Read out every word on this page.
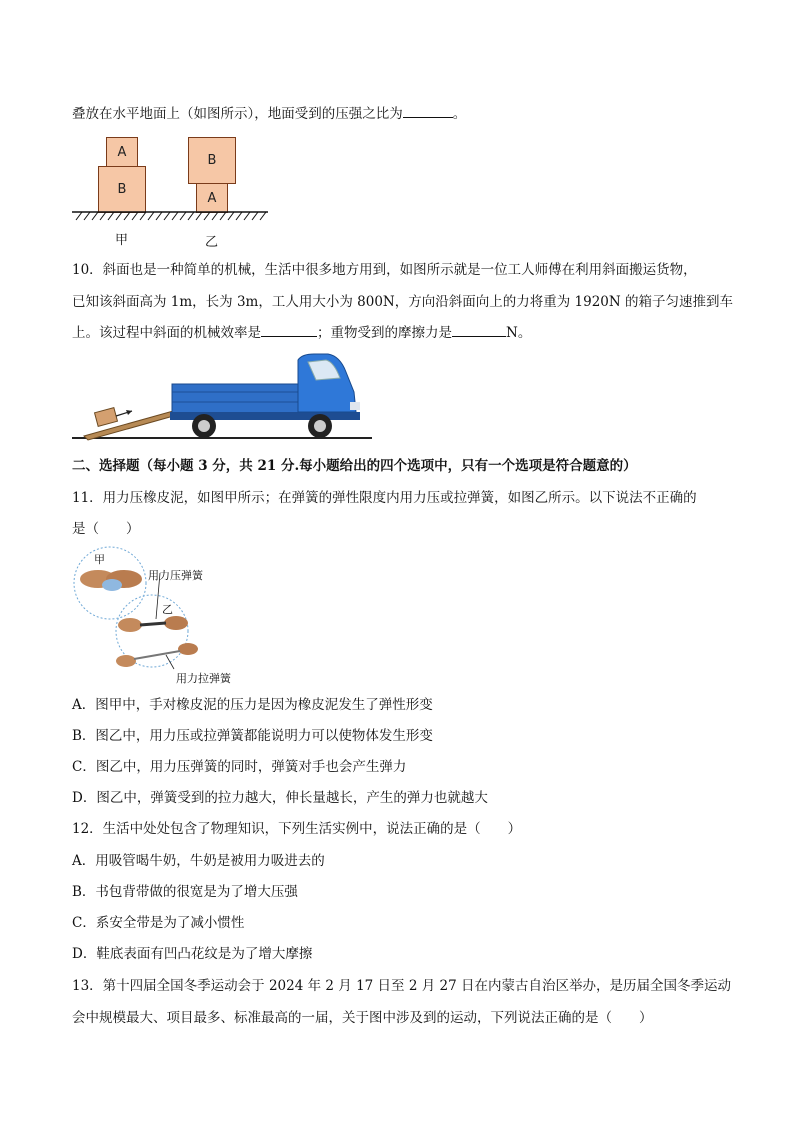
叠放在水平地面上（如图所示），地面受到的压强之比为	。
A
B
B
A
甲	乙
10．斜面也是一种简单的机械，生活中很多地方用到，如图所示就是一位工人师傅在利用斜面搬运货物，
已知该斜面高为 1m，长为 3m，工人用大小为 800N，方向沿斜面向上的力将重为 1920N 的箱子匀速推到车
上。该过程中斜面的机械效率是	；重物受到的摩擦力是	N。
二、选择题（每小题 3 分，共 21 分.每小题给出的四个选项中，只有一个选项是符合题意的）
11．用力压橡皮泥，如图甲所示；在弹簧的弹性限度内用力压或拉弹簧，如图乙所示。以下说法不正确的
是（　　）
甲
乙
用力压弹簧
用力拉弹簧
A．图甲中，手对橡皮泥的压力是因为橡皮泥发生了弹性形变
B．图乙中，用力压或拉弹簧都能说明力可以使物体发生形变
C．图乙中，用力压弹簧的同时，弹簧对手也会产生弹力
D．图乙中，弹簧受到的拉力越大，伸长量越长，产生的弹力也就越大
12．生活中处处包含了物理知识，下列生活实例中，说法正确的是（　　）
A．用吸管喝牛奶，牛奶是被用力吸进去的
B．书包背带做的很宽是为了增大压强
C．系安全带是为了减小惯性
D．鞋底表面有凹凸花纹是为了增大摩擦
13．第十四届全国冬季运动会于 2024 年 2 月 17 日至 2 月 27 日在内蒙古自治区举办，是历届全国冬季运动
会中规模最大、项目最多、标准最高的一届，关于图中涉及到的运动，下列说法正确的是（　　）
